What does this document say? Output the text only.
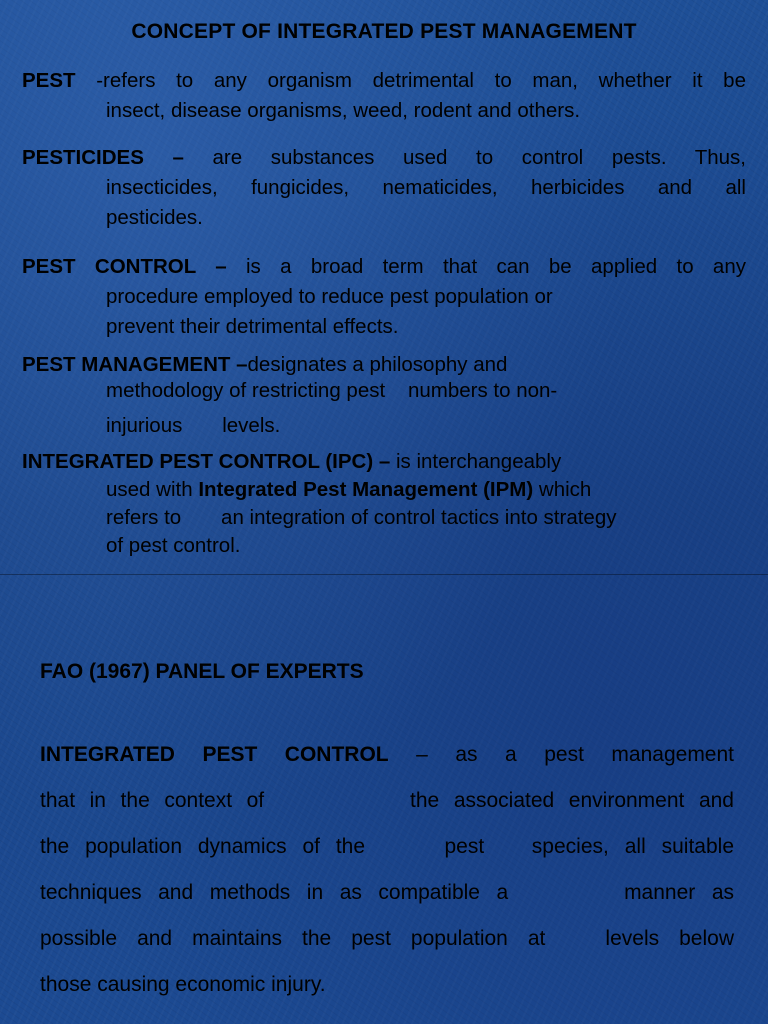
CONCEPT OF INTEGRATED PEST MANAGEMENT
PEST -refers to any organism detrimental to man, whether it be
insect, disease organisms, weed, rodent and others.
PESTICIDES – are substances used to control pests. Thus,
insecticides, fungicides, nematicides, herbicides and all
pesticides.
PEST CONTROL – is a broad term that can be applied to any
procedure employed to reduce pest population or
prevent their detrimental effects.
PEST MANAGEMENT –designates a philosophy and
methodology of restricting pest    numbers to non-
injurious       levels.
INTEGRATED PEST CONTROL (IPC) – is interchangeably
used with Integrated Pest Management (IPM) which
refers to       an integration of control tactics into strategy
of pest control.
FAO (1967) PANEL OF EXPERTS
INTEGRATED PEST CONTROL – as a pest management
that in the context of          the associated environment and
the population dynamics of the     pest   species, all suitable
techniques and methods in as compatible a       manner as
possible and maintains the pest population at   levels below
those causing economic injury.
